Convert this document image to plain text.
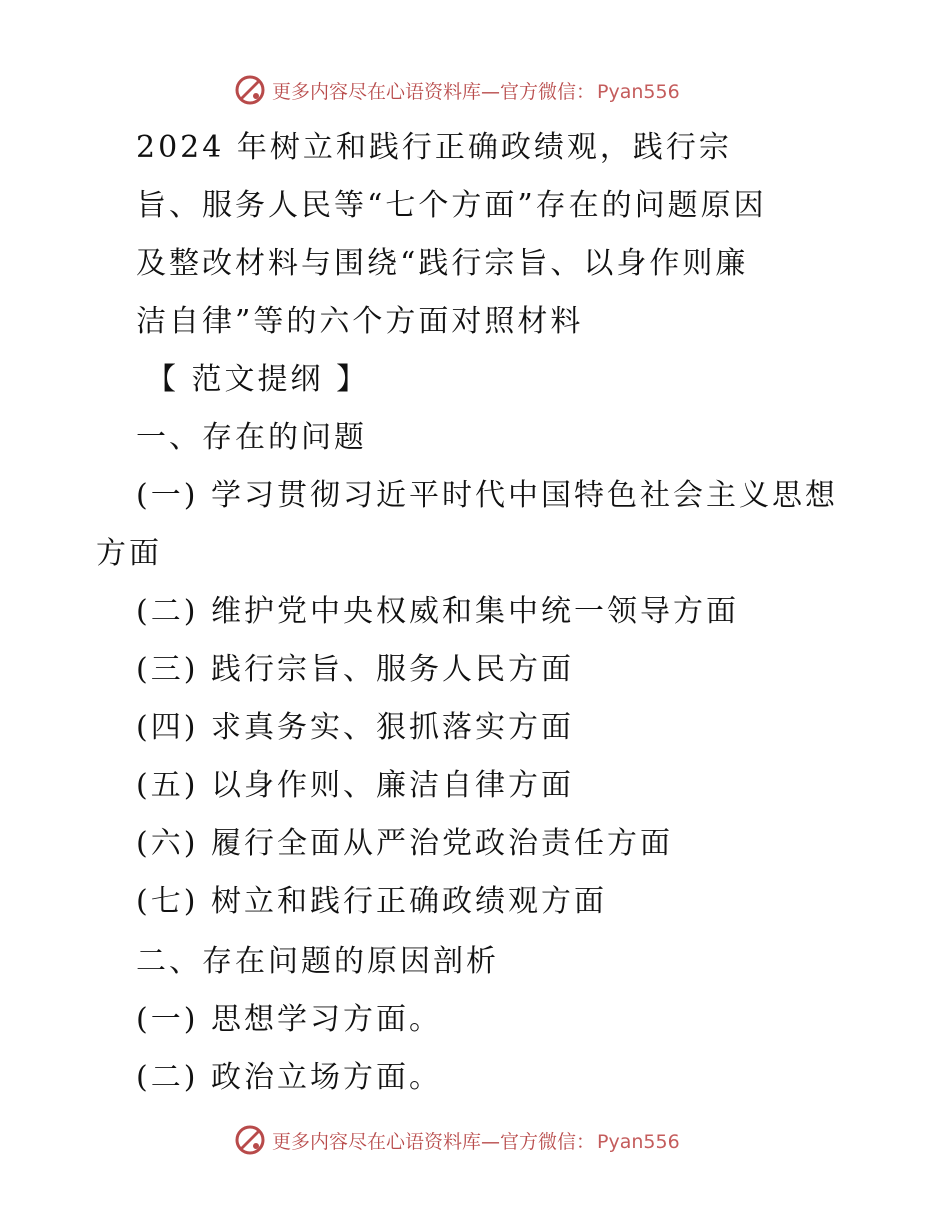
更多内容尽在心语资料库—官方微信： Pyan556
2024 年树立和践行正确政绩观，践行宗
旨、服务人民等“七个方面”存在的问题原因
及整改材料与围绕“践行宗旨、以身作则廉
洁自律”等的六个方面对照材料
【 范文提纲 】
一、存在的问题
(一) 学习贯彻习近平时代中国特色社会主义思想
方面
(二) 维护党中央权威和集中统一领导方面
(三) 践行宗旨、服务人民方面
(四) 求真务实、狠抓落实方面
(五) 以身作则、廉洁自律方面
(六) 履行全面从严治党政治责任方面
(七) 树立和践行正确政绩观方面
二、存在问题的原因剖析
(一) 思想学习方面。
(二) 政治立场方面。
更多内容尽在心语资料库—官方微信： Pyan556
